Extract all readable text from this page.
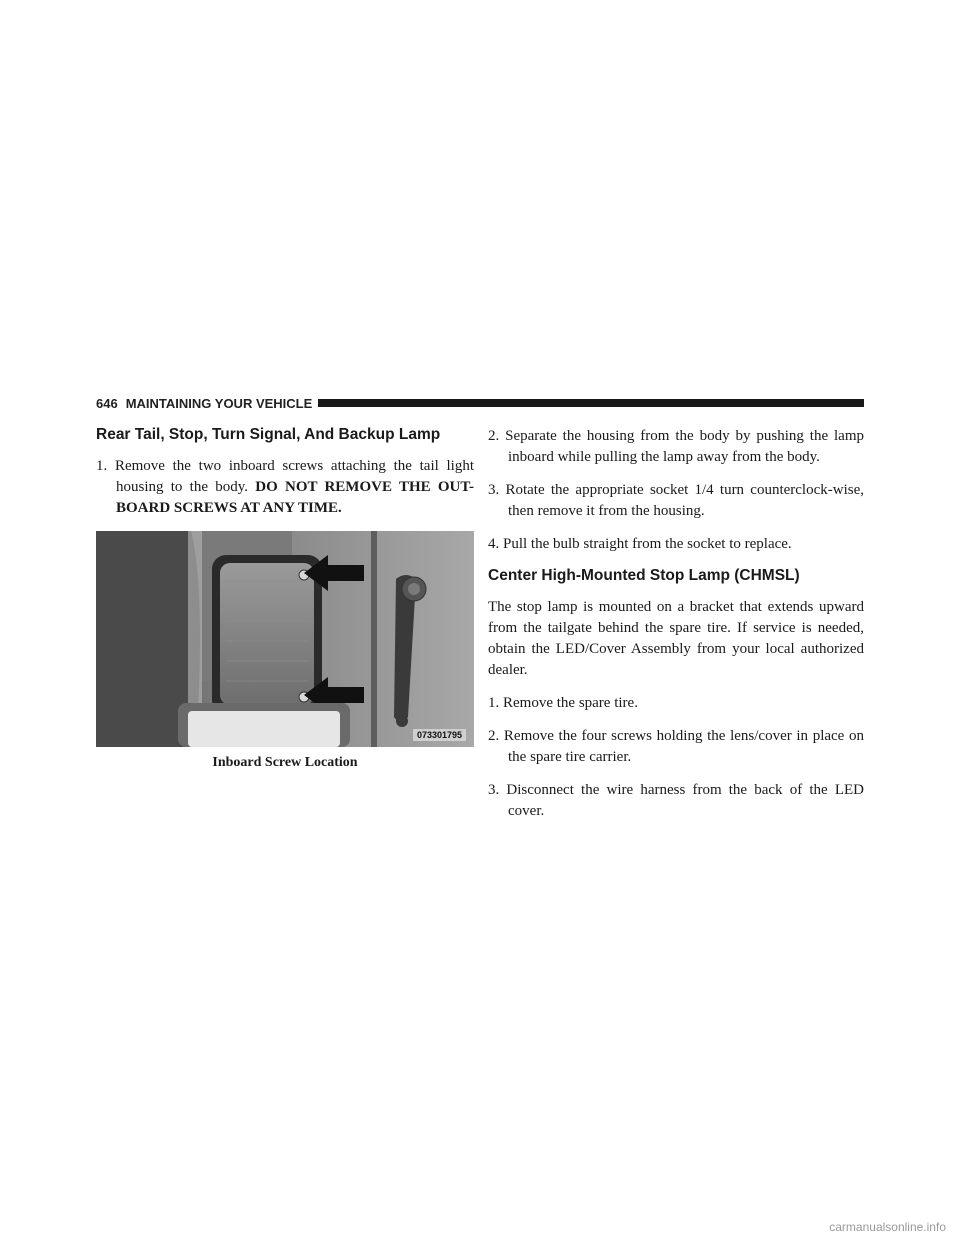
646 MAINTAINING YOUR VEHICLE
Rear Tail, Stop, Turn Signal, And Backup Lamp

1. Remove the two inboard screws attaching the tail light housing to the body. DO NOT REMOVE THE OUT-BOARD SCREWS AT ANY TIME.

073301795
Inboard Screw Location

2. Separate the housing from the body by pushing the lamp inboard while pulling the lamp away from the body.

3. Rotate the appropriate socket 1/4 turn counterclock-wise, then remove it from the housing.

4. Pull the bulb straight from the socket to replace.

Center High-Mounted Stop Lamp (CHMSL)

The stop lamp is mounted on a bracket that extends upward from the tailgate behind the spare tire. If service is needed, obtain the LED/Cover Assembly from your local authorized dealer.

1. Remove the spare tire.

2. Remove the four screws holding the lens/cover in place on the spare tire carrier.

3. Disconnect the wire harness from the back of the LED cover.

carmanualsonline.info
